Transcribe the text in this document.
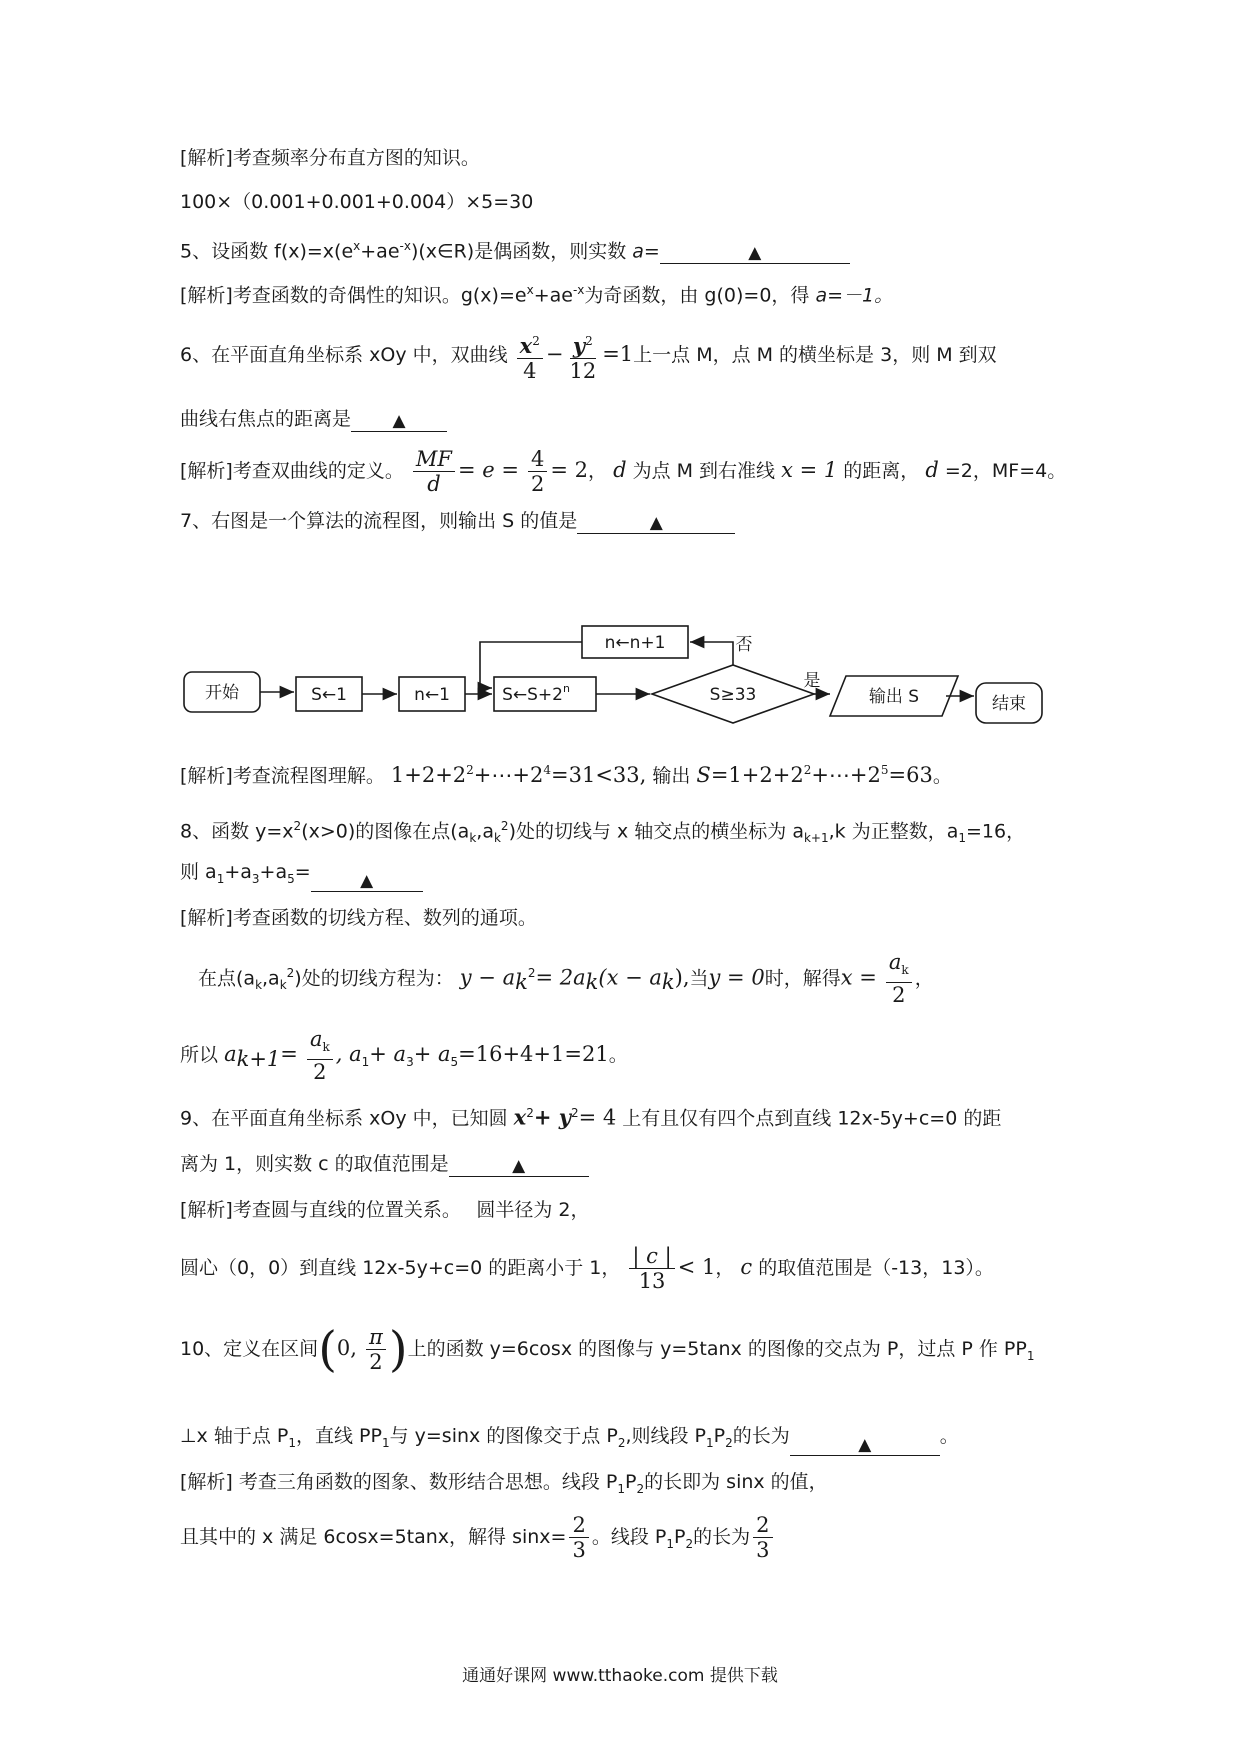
[解析]考查频率分布直方图的知识。
100×（0.001+0.001+0.004）×5=30
5、设函数 $f(x)=x(e^x+ae^{-x})(x\in R)$是偶函数，则实数 a=	▲
[解析]考查函数的奇偶性的知识。$g(x)=e^x+ae^{-x}$为奇函数，由 g(0)=0，得 a=－1。
6、在平面直角坐标系 xOy 中，双曲线 $\frac{x^2}{4} - \frac{y^2}{12} =1$上一点 M，点 M 的横坐标是 3，则 M 到双
曲线右焦点的距离是 ▲
[解析]考查双曲线的定义。 $\frac{MF}{d} = e = \frac{4}{2} = 2$， d 为点 M 到右准线 x = 1 的距离， d =2，MF=4。
7、右图是一个算法的流程图，则输出 S 的值是	▲
开始	S←1	n←1	$S\leftarrow S+2^n$	S≥33
是
输出 S	结束
n←n+1	否
[解析]考查流程图理解。 $1+2+2^2+\cdots+2^4=31<33$, 输出 $S=1+2+2^2+\cdots+2^5=63$。
8、函数 $y=x^2(x>0)$的图像在点$(a_k,a_k^2)$处的切线与 x 轴交点的横坐标为 $a_{k+1},k$ 为正整数，$a_1=16$，
则 $a_1+a_3+a_5=$	▲
[解析]考查函数的切线方程、数列的通项。
在点$(a_k,a_k^2)$处的切线方程为： $y - a_k^2= 2a_k(x - a_k)$,当y = 0时，解得$x = \frac{a_k}{2}$ ，
所以 $a_{k+1}= \frac{a_k}{2}$ , $a_1+ a_3+ a_5=16+4+1=21$。
9、在平面直角坐标系 xOy 中，已知圆 $x^2+ y^2= 4$ 上有且仅有四个点到直线 12x-5y+c=0 的距
离为 1，则实数 c 的取值范围是	▲
[解析]考查圆与直线的位置关系。　 圆半径为 2，
圆心（0，0）到直线 12x-5y+c=0 的距离小于 1， $\frac{| c |}{13} < 1$， c 的取值范围是（-13，13）。
10、定义在区间(0, $\frac{\pi}{2}$ )上的函数 y=6cosx 的图像与 y=5tanx 的图像的交点为 P，过点 P 作 $PP_1$
⊥x 轴于点 $P_1$，直线 $PP_1$与 y=sinx 的图像交于点 $P_2$,则线段 $P_1P_2$的长为	▲	。
[解析] 考查三角函数的图象、数形结合思想。线段 $P_1P_2$的长即为 sinx 的值，
且其中的 x 满足 6cosx=5tanx，解得 $\sin x= \frac{2}{3}$ 。线段 $P_1P_2$的长为 $\frac{2}{3}$
通通好课网 www.tthaoke.com 提供下载
